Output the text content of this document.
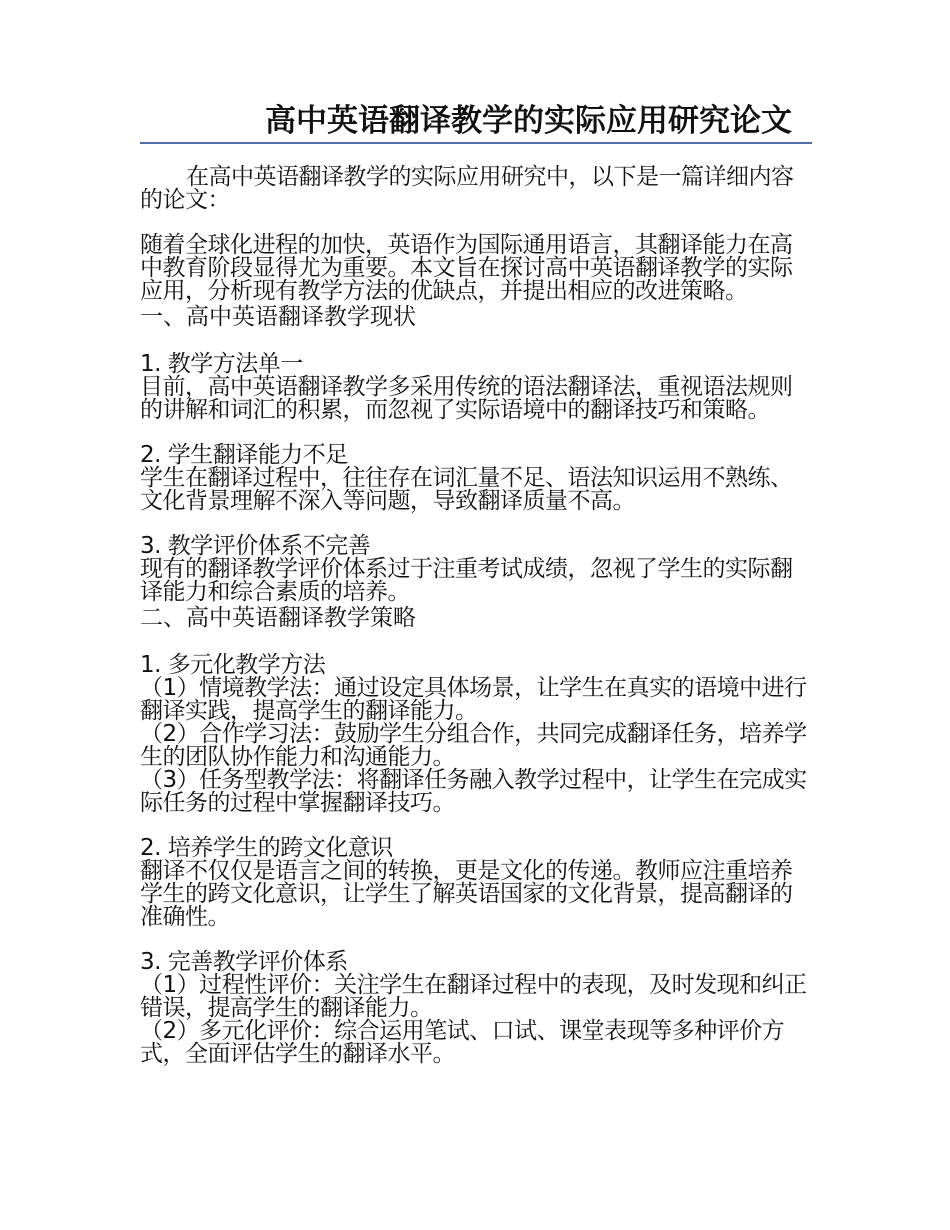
高中英语翻译教学的实际应用研究论文

在高中英语翻译教学的实际应用研究中，以下是一篇详细内容的论文：

随着全球化进程的加快，英语作为国际通用语言，其翻译能力在高中教育阶段显得尤为重要。本文旨在探讨高中英语翻译教学的实际应用，分析现有教学方法的优缺点，并提出相应的改进策略。

一、高中英语翻译教学现状

1. 教学方法单一

目前，高中英语翻译教学多采用传统的语法翻译法，重视语法规则的讲解和词汇的积累，而忽视了实际语境中的翻译技巧和策略。

2. 学生翻译能力不足

学生在翻译过程中，往往存在词汇量不足、语法知识运用不熟练、文化背景理解不深入等问题，导致翻译质量不高。

3. 教学评价体系不完善

现有的翻译教学评价体系过于注重考试成绩，忽视了学生的实际翻译能力和综合素质的培养。

二、高中英语翻译教学策略

1. 多元化教学方法

（1）情境教学法：通过设定具体场景，让学生在真实的语境中进行翻译实践，提高学生的翻译能力。

（2）合作学习法：鼓励学生分组合作，共同完成翻译任务，培养学生的团队协作能力和沟通能力。

（3）任务型教学法：将翻译任务融入教学过程中，让学生在完成实际任务的过程中掌握翻译技巧。

2. 培养学生的跨文化意识

翻译不仅仅是语言之间的转换，更是文化的传递。教师应注重培养学生的跨文化意识，让学生了解英语国家的文化背景，提高翻译的准确性。

3. 完善教学评价体系

（1）过程性评价：关注学生在翻译过程中的表现，及时发现和纠正错误，提高学生的翻译能力。

（2）多元化评价：综合运用笔试、口试、课堂表现等多种评价方式，全面评估学生的翻译水平。
